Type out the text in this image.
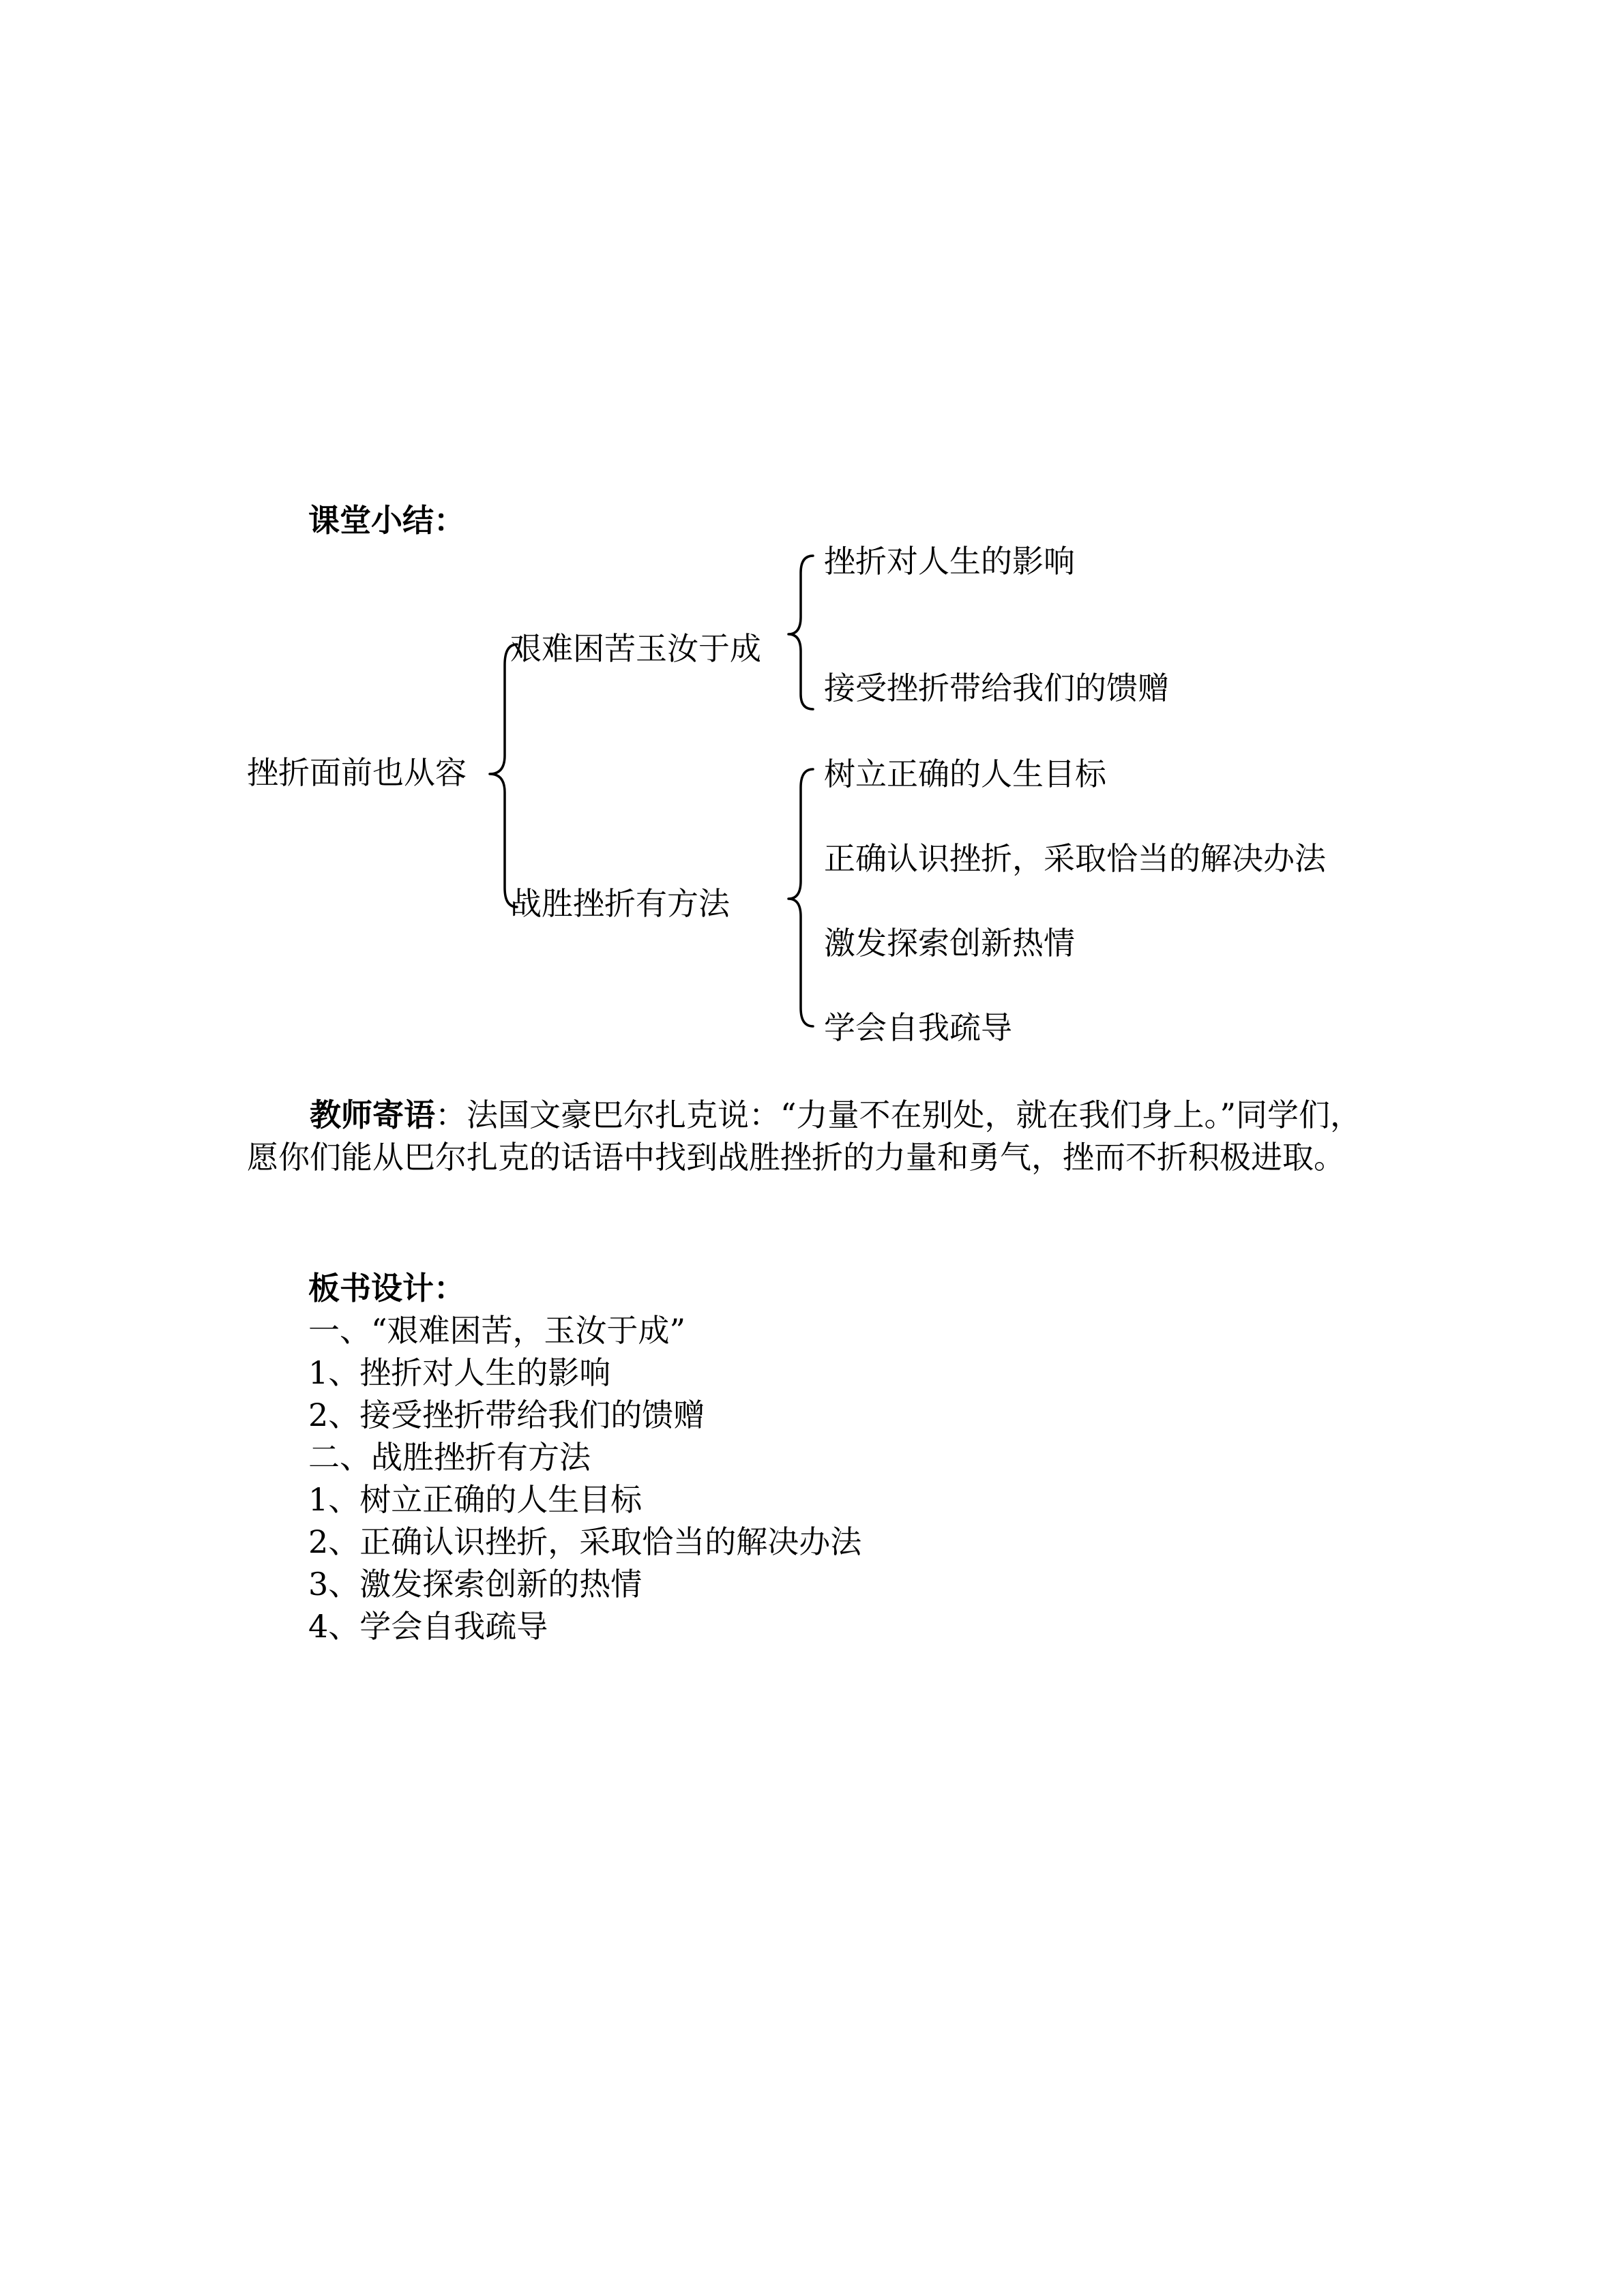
课堂小结：
挫折面前也从容
艰难困苦玉汝于成
战胜挫折有方法
挫折对人生的影响
接受挫折带给我们的馈赠
树立正确的人生目标
正确认识挫折，采取恰当的解决办法
激发探索创新热情
学会自我疏导
教师寄语：法国文豪巴尔扎克说：“力量不在别处，就在我们身上。”同学们，愿你们能从巴尔扎克的话语中找到战胜挫折的力量和勇气，挫而不折积极进取。
板书设计：
一、“艰难困苦，玉汝于成”
1、挫折对人生的影响
2、接受挫折带给我们的馈赠
二、战胜挫折有方法
1、树立正确的人生目标
2、正确认识挫折，采取恰当的解决办法
3、激发探索创新的热情
4、学会自我疏导
